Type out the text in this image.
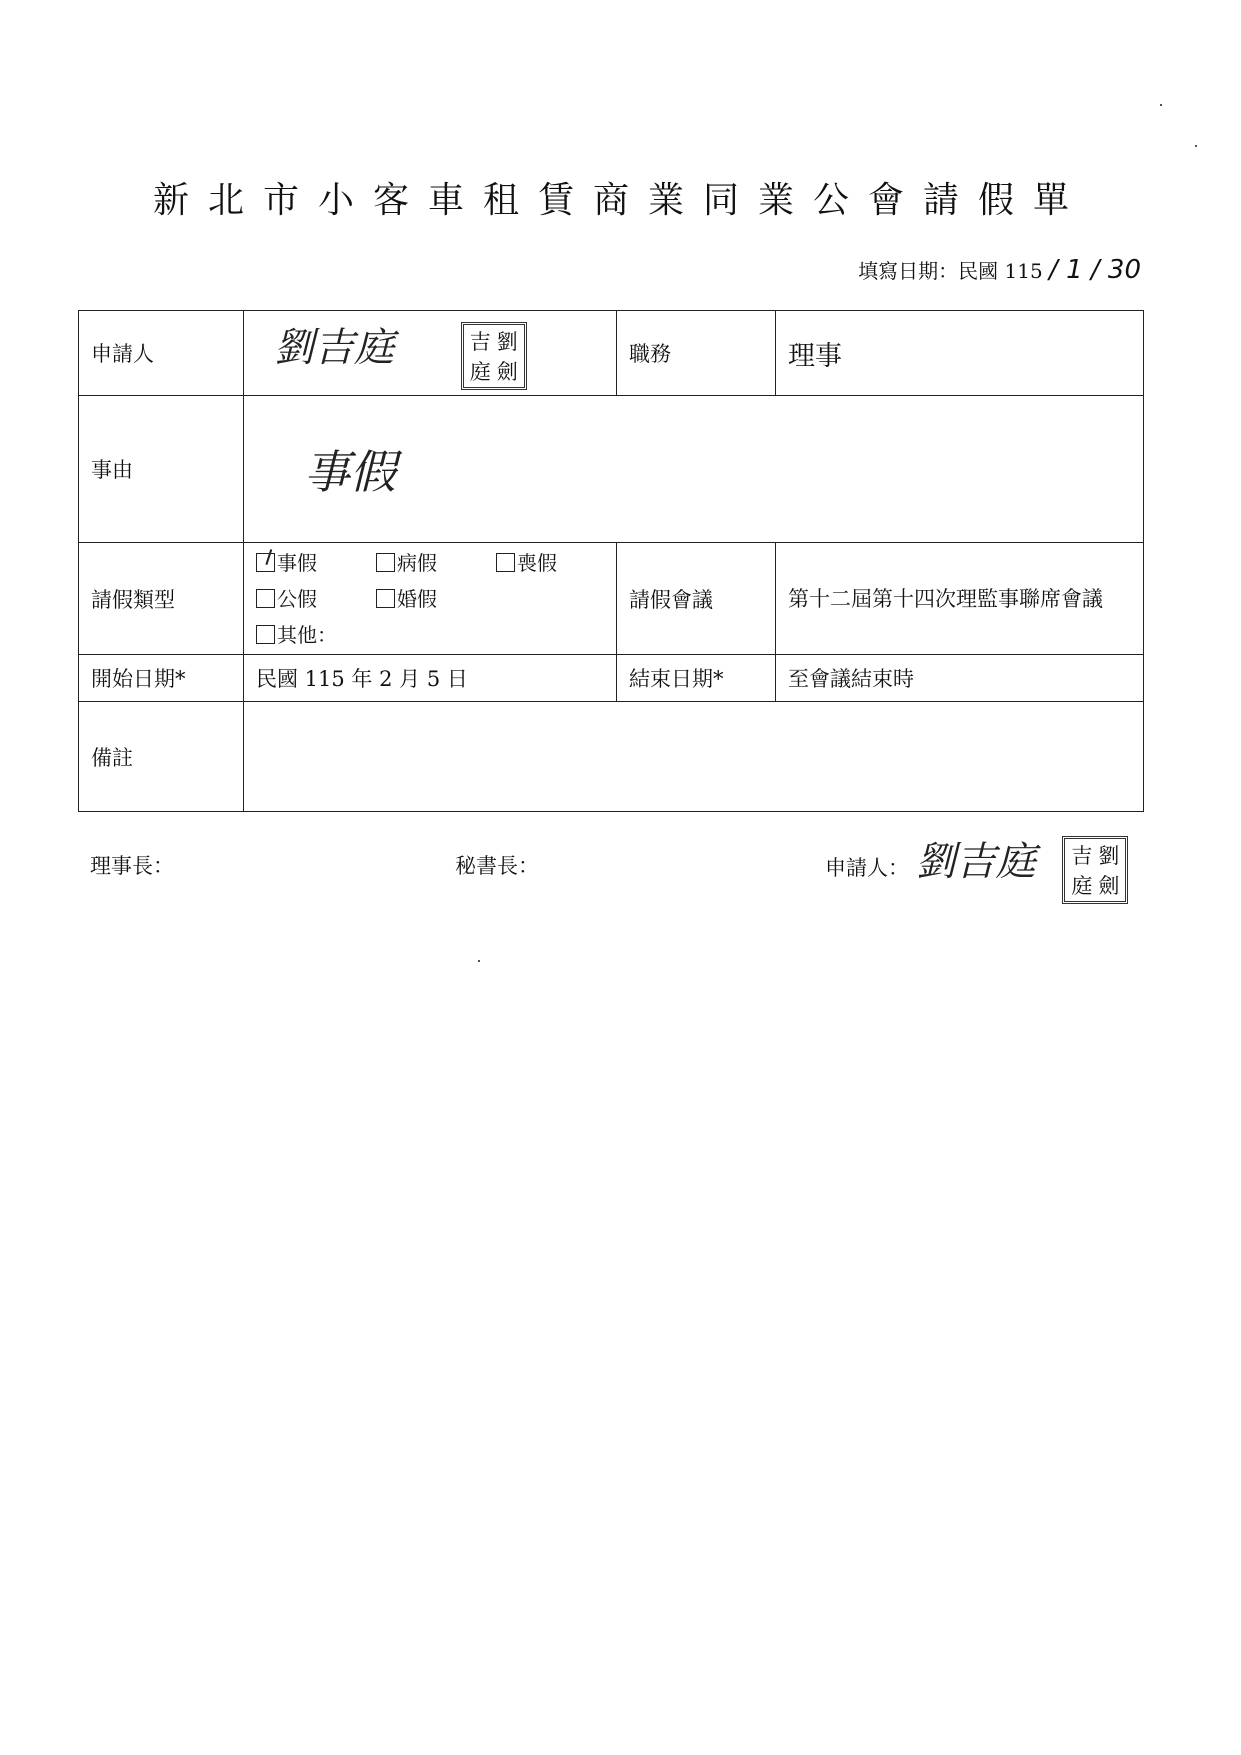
新北市小客車租賃商業同業公會請假單
填寫日期：民國 115 / 1 / 30
申請人	劉吉庭 吉 劉庭 劍	職務	理事
事由	事假		
請假類型	事假 病假 喪假
公假 婚假
其他：	請假會議	第十二屆第十四次理監事聯席會議
開始日期*	民國 115 年 2 月 5 日	結束日期*	至會議結束時
備註			
理事長：	秘書長：	申請人： 劉吉庭 吉 劉庭 劍
